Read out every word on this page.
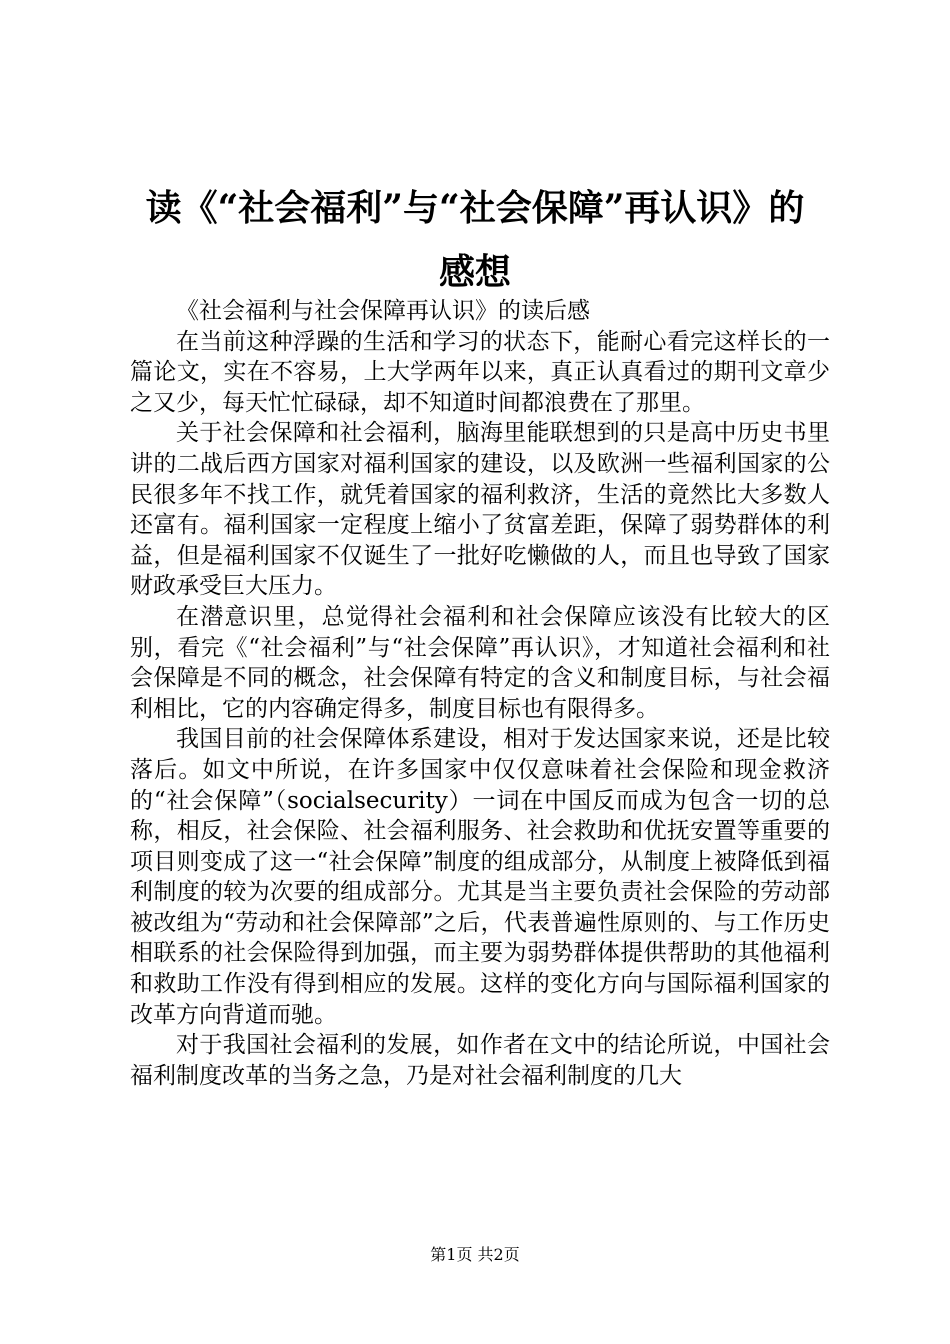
读《“社会福利”与“社会保障”再认识》的
感想

《社会福利与社会保障再认识》的读后感

在当前这种浮躁的生活和学习的状态下，能耐心看完这样长的一篇论文，实在不容易，上大学两年以来，真正认真看过的期刊文章少之又少，每天忙忙碌碌，却不知道时间都浪费在了那里。

关于社会保障和社会福利，脑海里能联想到的只是高中历史书里讲的二战后西方国家对福利国家的建设，以及欧洲一些福利国家的公民很多年不找工作，就凭着国家的福利救济，生活的竟然比大多数人还富有。福利国家一定程度上缩小了贫富差距，保障了弱势群体的利益，但是福利国家不仅诞生了一批好吃懒做的人，而且也导致了国家财政承受巨大压力。

在潜意识里，总觉得社会福利和社会保障应该没有比较大的区别，看完《“社会福利”与“社会保障”再认识》，才知道社会福利和社会保障是不同的概念，社会保障有特定的含义和制度目标，与社会福利相比，它的内容确定得多，制度目标也有限得多。

我国目前的社会保障体系建设，相对于发达国家来说，还是比较落后。如文中所说，在许多国家中仅仅意味着社会保险和现金救济的“社会保障”（socialsecurity）一词在中国反而成为包含一切的总称，相反，社会保险、社会福利服务、社会救助和优抚安置等重要的项目则变成了这一“社会保障”制度的组成部分，从制度上被降低到福利制度的较为次要的组成部分。尤其是当主要负责社会保险的劳动部被改组为“劳动和社会保障部”之后，代表普遍性原则的、与工作历史相联系的社会保险得到加强，而主要为弱势群体提供帮助的其他福利和救助工作没有得到相应的发展。这样的变化方向与国际福利国家的改革方向背道而驰。

对于我国社会福利的发展，如作者在文中的结论所说，中国社会福利制度改革的当务之急，乃是对社会福利制度的几大

第1页 共2页
